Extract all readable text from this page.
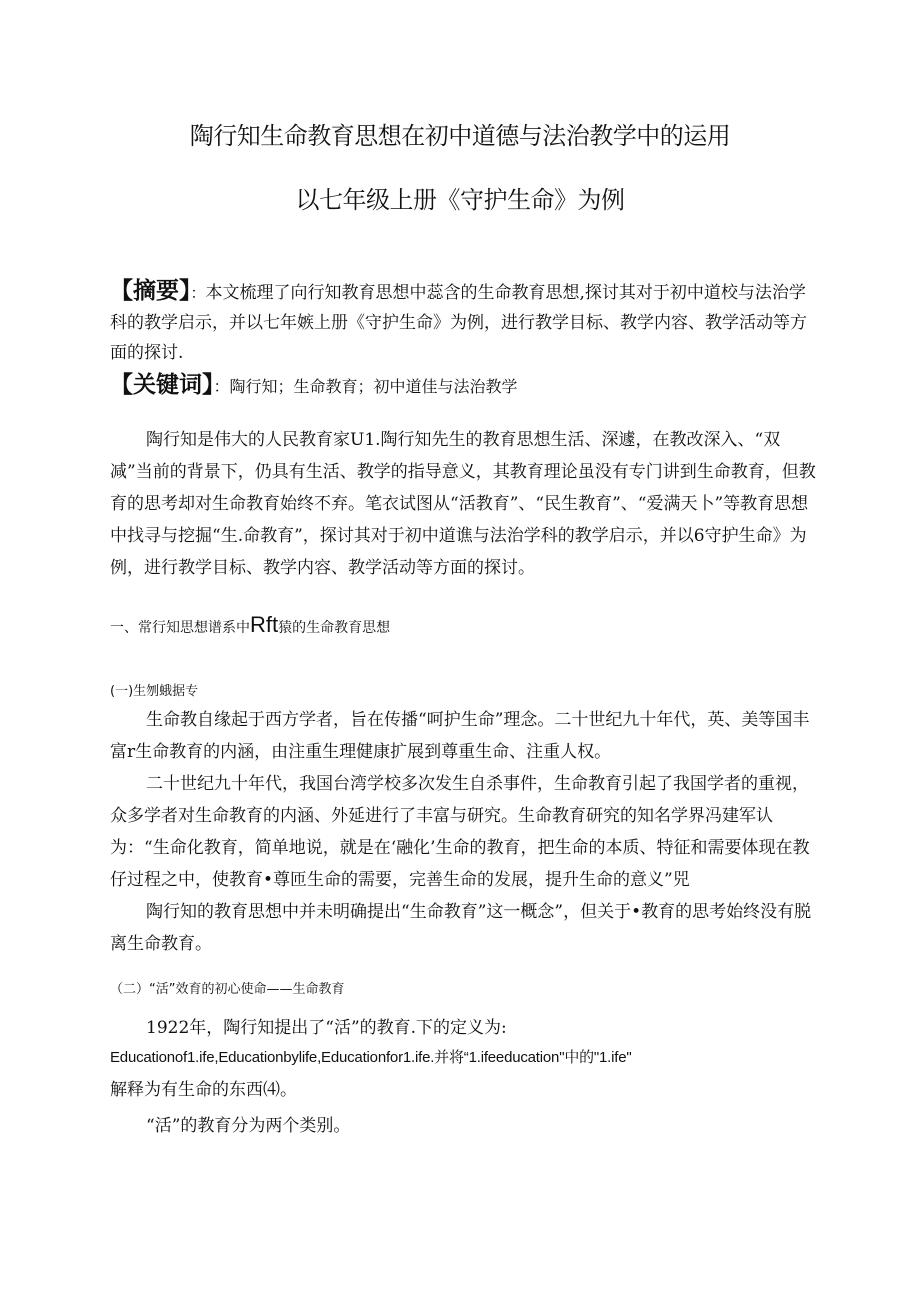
陶行知生命教育思想在初中道德与法治教学中的运用
以七年级上册《守护生命》为例
【摘要】：本文梳理了向行知教育思想中蕊含的生命教育思想,探讨其对于初中道校与法治学科的教学启示，并以七年嫉上册《守护生命》为例，进行教学目标、教学内容、教学活动等方面的探讨.
【关键词】：陶行知；生命教育；初中道佳与法治教学

陶行知是伟大的人民教育家U1.陶行知先生的教育思想生活、深遽，在教改深入、“双减”当前的背景下，仍具有生活、教学的指导意义，其教育理论虽没有专门讲到生命教育，但教育的思考却对生命教育始终不弃。笔衣试图从“活教育”、“民生教育”、“爱满天卜”等教育思想中找寻与挖掘“生.命教育”，探讨其对于初中道谯与法治学科的教学启示，并以6守护生命》为例，进行教学目标、教学内容、教学活动等方面的探讨。

一、常行知思想谱系中Rft猿的生命教育思想
(一)生刎蛾据专

生命教自缘起于西方学者，旨在传播“呵护生命”理念。二十世纪九十年代，英、美等国丰富r生命教育的内涵，由注重生理健康扩展到尊重生命、注重人权。

二十世纪九十年代，我国台湾学校多次发生自杀事件，生命教育引起了我国学者的重视，众多学者对生命教育的内涵、外延进行了丰富与研究。生命教育研究的知名学界冯建军认为：“生命化教育，简单地说，就是在‘融化’生命的教育，把生命的本质、特征和需要体现在教仔过程之中，使教育•尊匝生命的需要，完善生命的发展，提升生命的意义”兕

陶行知的教育思想中并未明确提出“生命教育”这一概念”，但关于•教育的思考始终没有脱离生命教育。

（二）“活”效育的初心使命——生命教育

1922年，陶行知提出了“活”的教育.下的定义为:

Educationof1.ife,Educationbylife,Educationfor1.ife.并将“1.ifeeducation"中的"1.ife"

解释为有生命的东西⑷。

“活”的教育分为两个类别。
